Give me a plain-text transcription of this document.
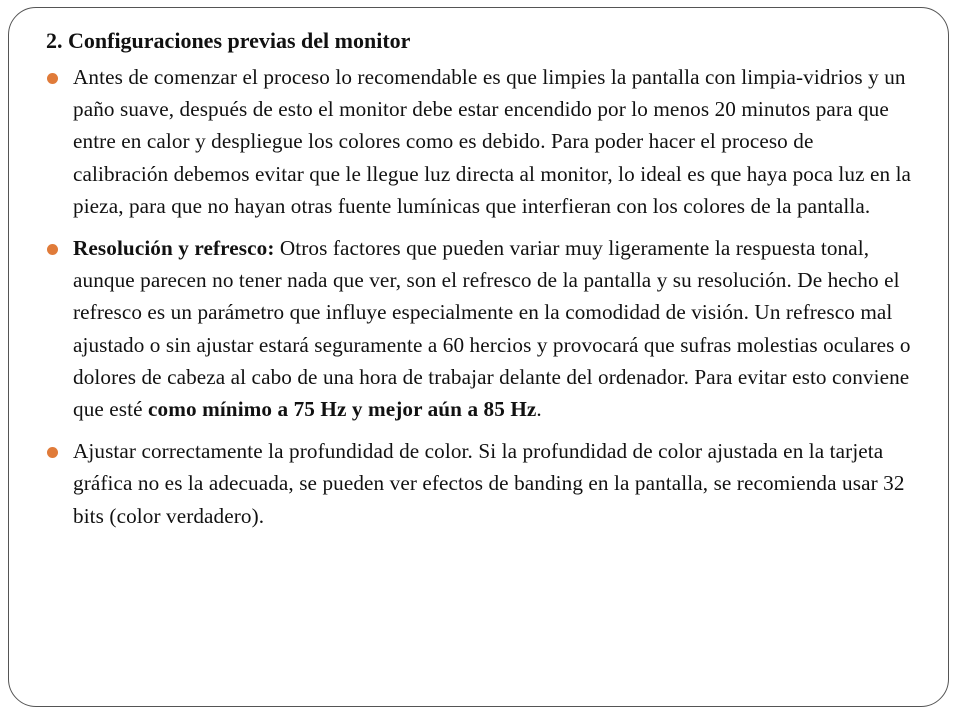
2. Configuraciones previas del monitor
Antes de comenzar el proceso lo recomendable es que limpies la pantalla con limpia-vidrios y un paño suave, después de esto el monitor debe estar encendido por lo menos 20 minutos para que entre en calor y despliegue los colores como es debido. Para poder hacer el proceso de calibración debemos evitar que le llegue luz directa al monitor, lo ideal es que haya poca luz en la pieza, para que no hayan otras fuente lumínicas que interfieran con los colores de la pantalla.
Resolución y refresco: Otros factores que pueden variar muy ligeramente la respuesta tonal, aunque parecen no tener nada que ver, son el refresco de la pantalla y su resolución. De hecho el refresco es un parámetro que influye especialmente en la comodidad de visión. Un refresco mal ajustado o sin ajustar estará seguramente a 60 hercios y provocará que sufras molestias oculares o dolores de cabeza al cabo de una hora de trabajar delante del ordenador. Para evitar esto conviene que esté como mínimo a 75 Hz y mejor aún a 85 Hz.
Ajustar correctamente la profundidad de color. Si la profundidad de color ajustada en la tarjeta gráfica no es la adecuada, se pueden ver efectos de banding en la pantalla, se recomienda usar 32 bits (color verdadero).
